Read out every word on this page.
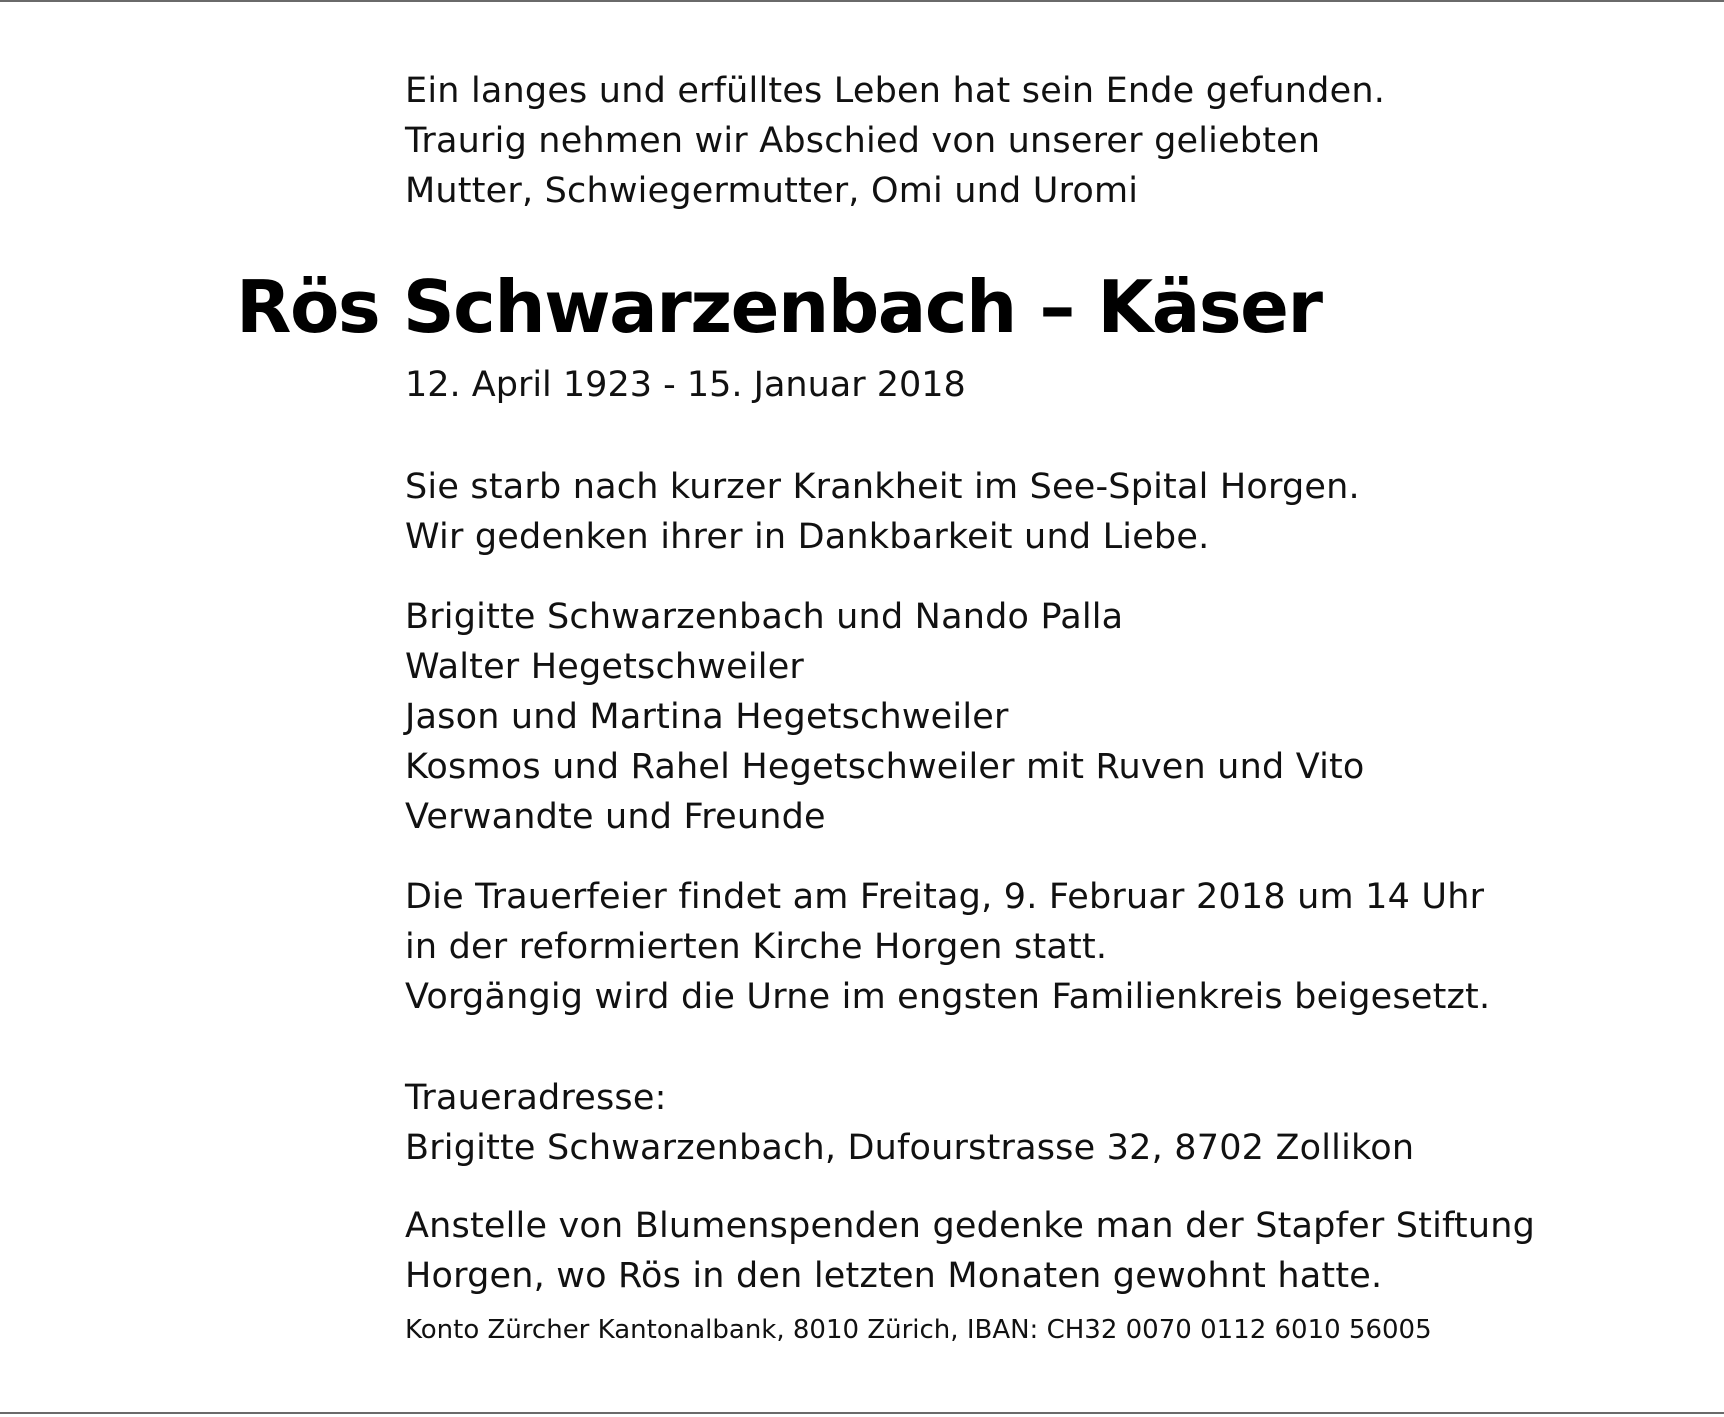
Ein langes und erfülltes Leben hat sein Ende gefunden.
Traurig nehmen wir Abschied von unserer geliebten
Mutter, Schwiegermutter, Omi und Uromi

Rös Schwarzenbach – Käser

12. April 1923 - 15. Januar 2018

Sie starb nach kurzer Krankheit im See-Spital Horgen.
Wir gedenken ihrer in Dankbarkeit und Liebe.

Brigitte Schwarzenbach und Nando Palla
Walter Hegetschweiler
Jason und Martina Hegetschweiler
Kosmos und Rahel Hegetschweiler mit Ruven und Vito
Verwandte und Freunde

Die Trauerfeier findet am Freitag, 9. Februar 2018 um 14 Uhr
in der reformierten Kirche Horgen statt.
Vorgängig wird die Urne im engsten Familienkreis beigesetzt.

Traueradresse:
Brigitte Schwarzenbach, Dufourstrasse 32, 8702 Zollikon

Anstelle von Blumenspenden gedenke man der Stapfer Stiftung
Horgen, wo Rös in den letzten Monaten gewohnt hatte.

Konto Zürcher Kantonalbank, 8010 Zürich, IBAN: CH32 0070 0112 6010 56005
